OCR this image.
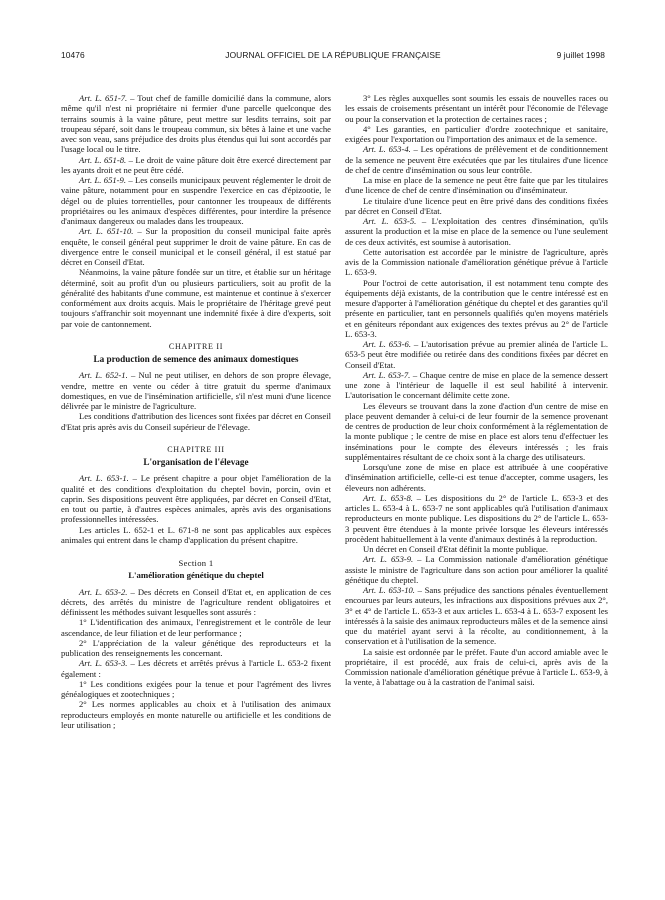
10476	JOURNAL OFFICIEL DE LA RÉPUBLIQUE FRANÇAISE	9 juillet 1998

Art. L. 651-7. – Tout chef de famille domicilié dans la commune, alors même qu'il n'est ni propriétaire ni fermier d'une parcelle quelconque des terrains soumis à la vaine pâture, peut mettre sur lesdits terrains, soit par troupeau séparé, soit dans le troupeau commun, six bêtes à laine et une vache avec son veau, sans préjudice des droits plus étendus qui lui sont accordés par l'usage local ou le titre.

Art. L. 651-8. – Le droit de vaine pâture doit être exercé directement par les ayants droit et ne peut être cédé.

Art. L. 651-9. – Les conseils municipaux peuvent réglementer le droit de vaine pâture, notamment pour en suspendre l'exercice en cas d'épizootie, le dégel ou de pluies torrentielles, pour cantonner les troupeaux de différents propriétaires ou les animaux d'espèces différentes, pour interdire la présence d'animaux dangereux ou malades dans les troupeaux.

Art. L. 651-10. – Sur la proposition du conseil municipal faite après enquête, le conseil général peut supprimer le droit de vaine pâture. En cas de divergence entre le conseil municipal et le conseil général, il est statué par décret en Conseil d'Etat.

Néanmoins, la vaine pâture fondée sur un titre, et établie sur un héritage déterminé, soit au profit d'un ou plusieurs particuliers, soit au profit de la généralité des habitants d'une commune, est maintenue et continue à s'exercer conformément aux droits acquis. Mais le propriétaire de l'héritage grevé peut toujours s'affranchir soit moyennant une indemnité fixée à dire d'experts, soit par voie de cantonnement.

CHAPITRE II

La production de semence des animaux domestiques

Art. L. 652-1. – Nul ne peut utiliser, en dehors de son propre élevage, vendre, mettre en vente ou céder à titre gratuit du sperme d'animaux domestiques, en vue de l'insémination artificielle, s'il n'est muni d'une licence délivrée par le ministre de l'agriculture.

Les conditions d'attribution des licences sont fixées par décret en Conseil d'Etat pris après avis du Conseil supérieur de l'élevage.

CHAPITRE III

L'organisation de l'élevage

Art. L. 653-1. – Le présent chapitre a pour objet l'amélioration de la qualité et des conditions d'exploitation du cheptel bovin, porcin, ovin et caprin. Ses dispositions peuvent être appliquées, par décret en Conseil d'Etat, en tout ou partie, à d'autres espèces animales, après avis des organisations professionnelles intéressées.

Les articles L. 652-1 et L. 671-8 ne sont pas applicables aux espèces animales qui entrent dans le champ d'application du présent chapitre.

Section 1

L'amélioration génétique du cheptel

Art. L. 653-2. – Des décrets en Conseil d'Etat et, en application de ces décrets, des arrêtés du ministre de l'agriculture rendent obligatoires et définissent les méthodes suivant lesquelles sont assurés :

1° L'identification des animaux, l'enregistrement et le contrôle de leur ascendance, de leur filiation et de leur performance ;

2° L'appréciation de la valeur génétique des reproducteurs et la publication des renseignements les concernant.

Art. L. 653-3. – Les décrets et arrêtés prévus à l'article L. 653-2 fixent également :

1° Les conditions exigées pour la tenue et pour l'agrément des livres généalogiques et zootechniques ;

2° Les normes applicables au choix et à l'utilisation des animaux reproducteurs employés en monte naturelle ou artificielle et les conditions de leur utilisation ;

3° Les règles auxquelles sont soumis les essais de nouvelles races ou les essais de croisements présentant un intérêt pour l'économie de l'élevage ou pour la conservation et la protection de certaines races ;

4° Les garanties, en particulier d'ordre zootechnique et sanitaire, exigées pour l'exportation ou l'importation des animaux et de la semence.

Art. L. 653-4. – Les opérations de prélèvement et de conditionnement de la semence ne peuvent être exécutées que par les titulaires d'une licence de chef de centre d'insémination ou sous leur contrôle.

La mise en place de la semence ne peut être faite que par les titulaires d'une licence de chef de centre d'insémination ou d'inséminateur.

Le titulaire d'une licence peut en être privé dans des conditions fixées par décret en Conseil d'Etat.

Art. L. 653-5. – L'exploitation des centres d'insémination, qu'ils assurent la production et la mise en place de la semence ou l'une seulement de ces deux activités, est soumise à autorisation.

Cette autorisation est accordée par le ministre de l'agriculture, après avis de la Commission nationale d'amélioration génétique prévue à l'article L. 653-9.

Pour l'octroi de cette autorisation, il est notamment tenu compte des équipements déjà existants, de la contribution que le centre intéressé est en mesure d'apporter à l'amélioration génétique du cheptel et des garanties qu'il présente en particulier, tant en personnels qualifiés qu'en moyens matériels et en géniteurs répondant aux exigences des textes prévus au 2° de l'article L. 653-3.

Art. L. 653-6. – L'autorisation prévue au premier alinéa de l'article L. 653-5 peut être modifiée ou retirée dans des conditions fixées par décret en Conseil d'Etat.

Art. L. 653-7. – Chaque centre de mise en place de la semence dessert une zone à l'intérieur de laquelle il est seul habilité à intervenir. L'autorisation le concernant délimite cette zone.

Les éleveurs se trouvant dans la zone d'action d'un centre de mise en place peuvent demander à celui-ci de leur fournir de la semence provenant de centres de production de leur choix conformément à la réglementation de la monte publique ; le centre de mise en place est alors tenu d'effectuer les inséminations pour le compte des éleveurs intéressés ; les frais supplémentaires résultant de ce choix sont à la charge des utilisateurs.

Lorsqu'une zone de mise en place est attribuée à une coopérative d'insémination artificielle, celle-ci est tenue d'accepter, comme usagers, les éleveurs non adhérents.

Art. L. 653-8. – Les dispositions du 2° de l'article L. 653-3 et des articles L. 653-4 à L. 653-7 ne sont applicables qu'à l'utilisation d'animaux reproducteurs en monte publique. Les dispositions du 2° de l'article L. 653-3 peuvent être étendues à la monte privée lorsque les éleveurs intéressés procèdent habituellement à la vente d'animaux destinés à la reproduction.

Un décret en Conseil d'Etat définit la monte publique.

Art. L. 653-9. – La Commission nationale d'amélioration génétique assiste le ministre de l'agriculture dans son action pour améliorer la qualité génétique du cheptel.

Art. L. 653-10. – Sans préjudice des sanctions pénales éventuellement encourues par leurs auteurs, les infractions aux dispositions prévues aux 2°, 3° et 4° de l'article L. 653-3 et aux articles L. 653-4 à L. 653-7 exposent les intéressés à la saisie des animaux reproducteurs mâles et de la semence ainsi que du matériel ayant servi à la récolte, au conditionnement, à la conservation et à l'utilisation de la semence.

La saisie est ordonnée par le préfet. Faute d'un accord amiable avec le propriétaire, il est procédé, aux frais de celui-ci, après avis de la Commission nationale d'amélioration génétique prévue à l'article L. 653-9, à la vente, à l'abattage ou à la castration de l'animal saisi.
